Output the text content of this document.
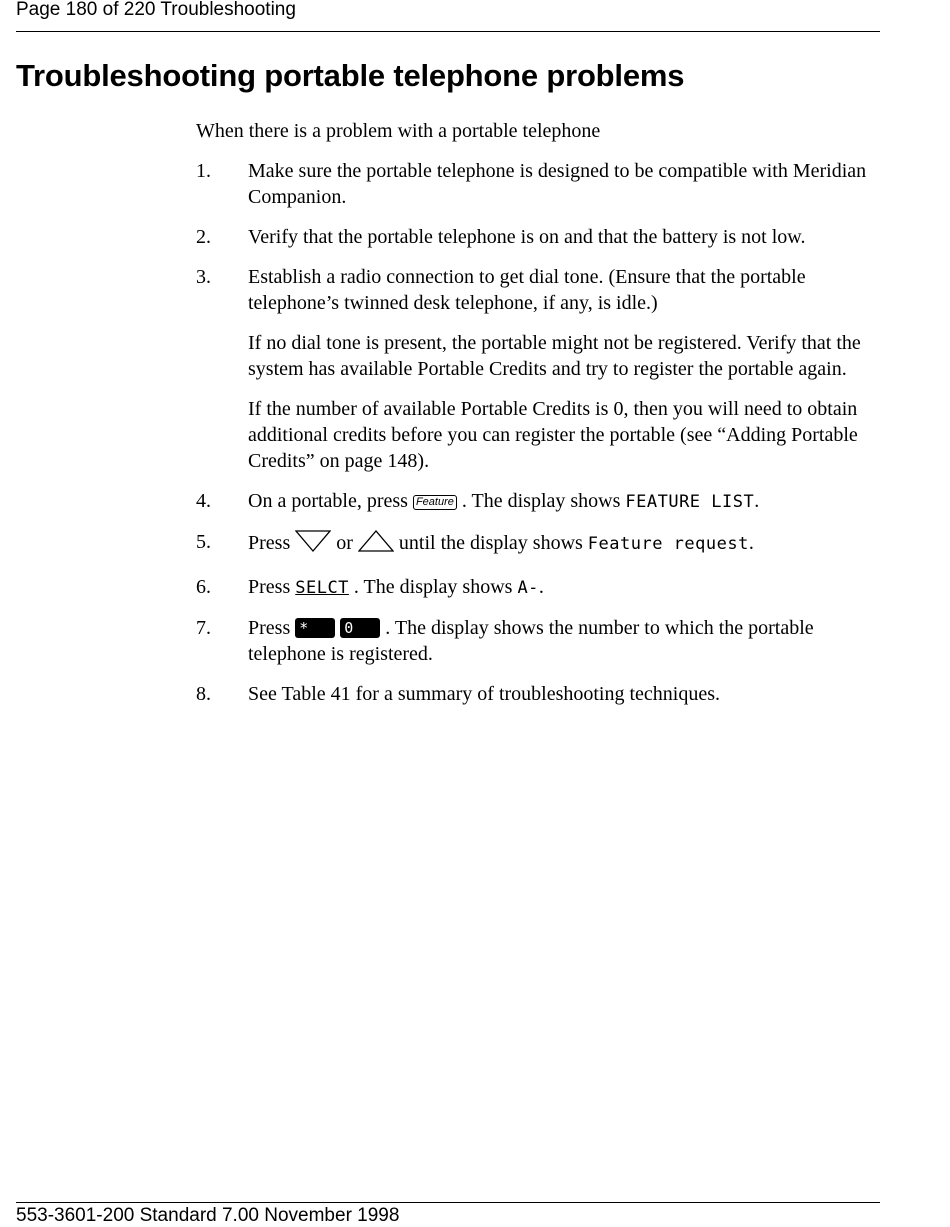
Page 180 of 220 Troubleshooting
Troubleshooting portable telephone problems

When there is a problem with a portable telephone

1. Make sure the portable telephone is designed to be compatible with Meridian Companion.
2. Verify that the portable telephone is on and that the battery is not low.
3. Establish a radio connection to get dial tone. (Ensure that the portable telephone’s twinned desk telephone, if any, is idle.)

If no dial tone is present, the portable might not be registered. Verify that the system has available Portable Credits and try to register the portable again.

If the number of available Portable Credits is 0, then you will need to obtain additional credits before you can register the portable (see “Adding Portable Credits” on page 148).

4. On a portable, press Feature . The display shows FEATURE LIST.
5. Press or until the display shows Feature request.
6. Press SELCT . The display shows A-.
7. Press * 0 . The display shows the number to which the portable telephone is registered.
8. See Table 41 for a summary of troubleshooting techniques.
553-3601-200 Standard 7.00 November 1998
